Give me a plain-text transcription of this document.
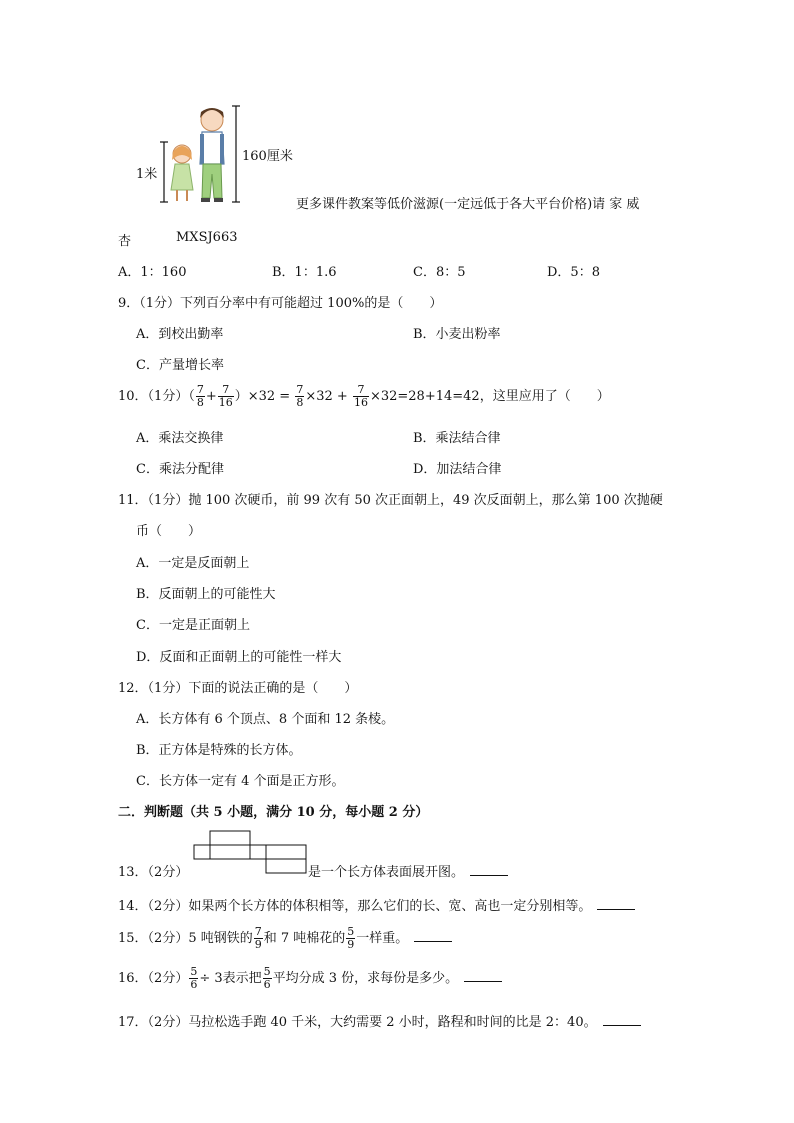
1米
160厘米
更多课件教案等低价滋源(一定远低于各大平台价格)请 家 威
杏	MXSJ663
A．1：160	B．1：1.6	C．8：5	D．5：8
9．（1分）下列百分率中有可能超过 100%的是（　　）
A．到校出勤率	B．小麦出粉率
C．产量增长率
10．（1分）（ $\frac{7}{8} + \frac{7}{16} )\times 32 = \frac{7}{8} \times 32 + \frac{7}{16} \times 32=28+14=42$，这里应用了（　　）
A．乘法交换律	B．乘法结合律
C．乘法分配律	D．加法结合律
11．（1分）抛 100 次硬币，前 99 次有 50 次正面朝上，49 次反面朝上，那么第 100 次抛硬
币（　　）
A．一定是反面朝上
B．反面朝上的可能性大
C．一定是正面朝上
D．反面和正面朝上的可能性一样大
12．（1分）下面的说法正确的是（　　）
A．长方体有 6 个顶点、8 个面和 12 条棱。
B．正方体是特殊的长方体。
C．长方体一定有 4 个面是正方形。
二．判断题（共 5 小题，满分 10 分，每小题 2 分）
13．（2分）	是一个长方体表面展开图。
14．（2分）如果两个长方体的体积相等，那么它们的长、宽、高也一定分别相等。
15．（2分）5 吨钢铁的 $\frac{7}{9}$ 和 7 吨棉花的 $\frac{5}{9}$ 一样重。
16．（2分） $\frac{5}{6} \div 3$表示把 $\frac{5}{6}$ 平均分成 3 份，求每份是多少。
17．（2分）马拉松选手跑 40 千米，大约需要 2 小时，路程和时间的比是 2：40。
